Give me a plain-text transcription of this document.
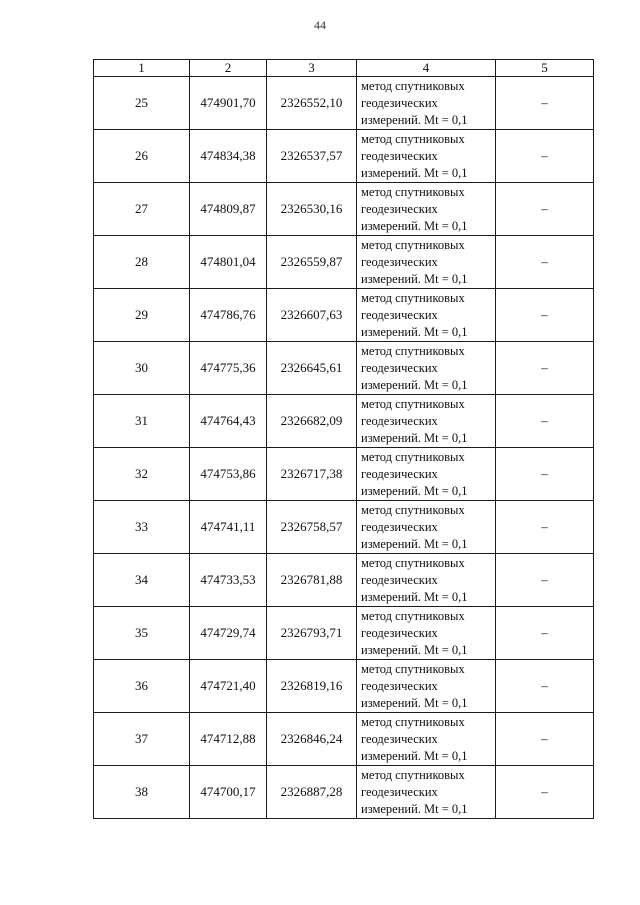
44
1	2	3	4	5
25	474901,70	2326552,10	метод спутниковых
геодезических
измерений. Mt = 0,1	–
26	474834,38	2326537,57	метод спутниковых
геодезических
измерений. Mt = 0,1	–
27	474809,87	2326530,16	метод спутниковых
геодезических
измерений. Mt = 0,1	–
28	474801,04	2326559,87	метод спутниковых
геодезических
измерений. Mt = 0,1	–
29	474786,76	2326607,63	метод спутниковых
геодезических
измерений. Mt = 0,1	–
30	474775,36	2326645,61	метод спутниковых
геодезических
измерений. Mt = 0,1	–
31	474764,43	2326682,09	метод спутниковых
геодезических
измерений. Mt = 0,1	–
32	474753,86	2326717,38	метод спутниковых
геодезических
измерений. Mt = 0,1	–
33	474741,11	2326758,57	метод спутниковых
геодезических
измерений. Mt = 0,1	–
34	474733,53	2326781,88	метод спутниковых
геодезических
измерений. Mt = 0,1	–
35	474729,74	2326793,71	метод спутниковых
геодезических
измерений. Mt = 0,1	–
36	474721,40	2326819,16	метод спутниковых
геодезических
измерений. Mt = 0,1	–
37	474712,88	2326846,24	метод спутниковых
геодезических
измерений. Mt = 0,1	–
38	474700,17	2326887,28	метод спутниковых
геодезических
измерений. Mt = 0,1	–
